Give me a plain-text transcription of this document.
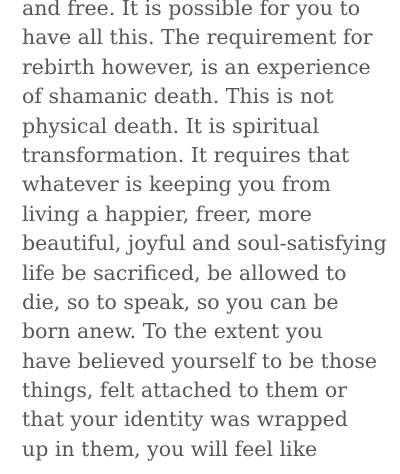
and free. It is possible for you to
have all this. The requirement for
rebirth however, is an experience
of shamanic death. This is not
physical death. It is spiritual
transformation. It requires that
whatever is keeping you from
living a happier, freer, more
beautiful, joyful and soul-satisfying
life be sacrificed, be allowed to
die, so to speak, so you can be
born anew. To the extent you
have believed yourself to be those
things, felt attached to them or
that your identity was wrapped
up in them, you will feel like
